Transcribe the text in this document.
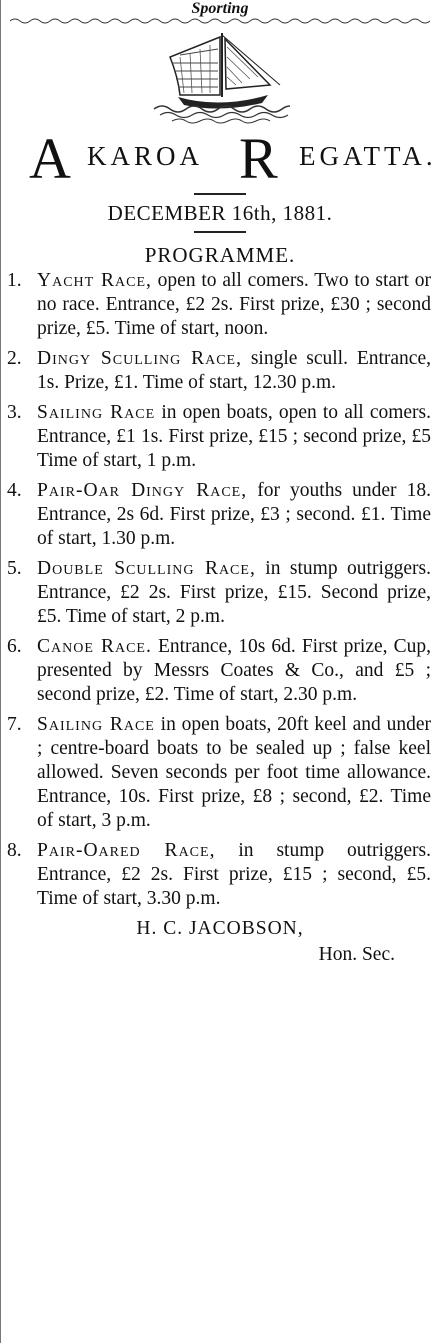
Sporting
A KAROA R EGATTA.
DECEMBER 16th, 1881.
PROGRAMME.
1. Yacht Race, open to all comers. Two to start or no race. Entrance, £2 2s. First prize, £30 ; second prize, £5. Time of start, noon.
2. Dingy Sculling Race, single scull. Entrance, 1s. Prize, £1. Time of start, 12.30 p.m.
3. Sailing Race in open boats, open to all comers. Entrance, £1 1s. First prize, £15 ; second prize, £5 Time of start, 1 p.m.
4. Pair-Oar Dingy Race, for youths under 18. Entrance, 2s 6d. First prize, £3 ; second. £1. Time of start, 1.30 p.m.
5. Double Sculling Race, in stump outriggers. Entrance, £2 2s. First prize, £15. Second prize, £5. Time of start, 2 p.m.
6. Canoe Race. Entrance, 10s 6d. First prize, Cup, presented by Messrs Coates & Co., and £5 ; second prize, £2. Time of start, 2.30 p.m.
7. Sailing Race in open boats, 20ft keel and under ; centre-board boats to be sealed up ; false keel allowed. Seven seconds per foot time allowance. Entrance, 10s. First prize, £8 ; second, £2. Time of start, 3 p.m.
8. Pair-Oared Race, in stump outriggers. Entrance, £2 2s. First prize, £15 ; second, £5. Time of start, 3.30 p.m.
H. C. JACOBSON,
Hon. Sec.
